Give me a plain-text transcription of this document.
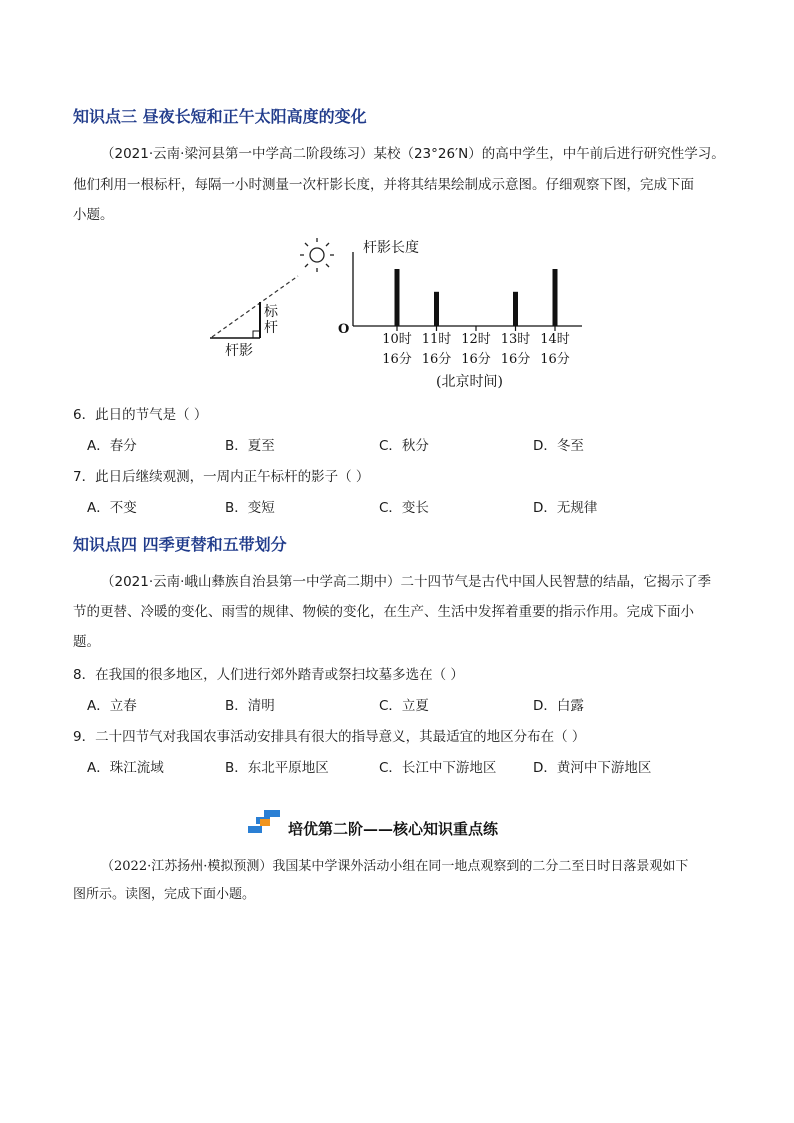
知识点三 昼夜长短和正午太阳高度的变化
（2021·云南·梁河县第一中学高二阶段练习）某校（23°26′N）的高中学生，中午前后进行研究性学习。
他们利用一根标杆，每隔一小时测量一次杆影长度，并将其结果绘制成示意图。仔细观察下图，完成下面
小题。
标
杆
杆影
杆影长度
O
10时
16分
11时
16分
12时
16分
13时
16分
14时
16分
(北京时间)
6．此日的节气是（ ）
A．春分	B．夏至	C．秋分	D．冬至
7．此日后继续观测，一周内正午标杆的影子（ ）
A．不变	B．变短	C．变长	D．无规律
知识点四 四季更替和五带划分
（2021·云南·峨山彝族自治县第一中学高二期中）二十四节气是古代中国人民智慧的结晶，它揭示了季
节的更替、冷暖的变化、雨雪的规律、物候的变化，在生产、生活中发挥着重要的指示作用。完成下面小
题。
8．在我国的很多地区，人们进行郊外踏青或祭扫坟墓多选在（ ）
A．立春	B．清明	C．立夏	D．白露
9．二十四节气对我国农事活动安排具有很大的指导意义，其最适宜的地区分布在（ ）
A．珠江流域	B．东北平原地区	C．长江中下游地区	D．黄河中下游地区
培优第二阶——核心知识重点练
（2022·江苏扬州·模拟预测）我国某中学课外活动小组在同一地点观察到的二分二至日时日落景观如下
图所示。读图，完成下面小题。
